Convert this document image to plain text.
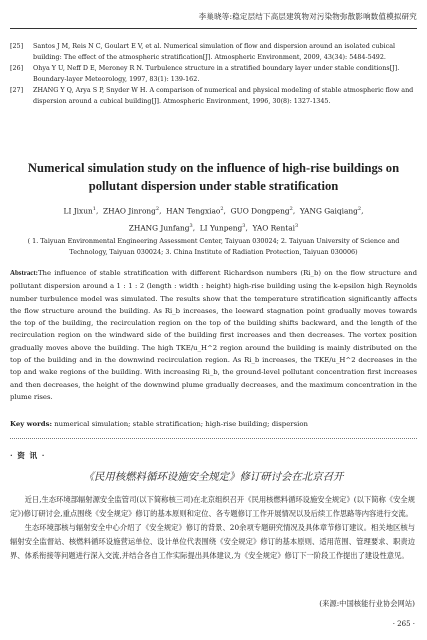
李巢晓等:稳定层结下高层建筑物对污染物弥散影响数值模拟研究
[25] Santos J M, Reis N C, Goulart E V, et al. Numerical simulation of flow and dispersion around an isolated cubical building: The effect of the atmospheric stratification[J]. Atmospheric Environment, 2009, 43(34): 5484-5492.
[26] Ohya Y U, Neff D E, Meroney R N. Turbulence structure in a stratified boundary layer under stable conditions[J]. Boundary-layer Meteorology, 1997, 83(1): 139-162.
[27] ZHANG Y Q, Arya S P, Snyder W H. A comparison of numerical and physical modeling of stable atmospheric flow and dispersion around a cubical building[J]. Atmospheric Environment, 1996, 30(8): 1327-1345.
Numerical simulation study on the influence of high-rise buildings on pollutant dispersion under stable stratification
LI Jixun$^1$,  ZHAO Jinrong$^2$,  HAN Tengxiao$^2$,  GUO Dongpeng$^2$,  YANG Gaiqiang$^2$,
ZHANG Junfang$^3$,  LI Yunpeng$^3$,  YAO Rentai$^3$
( 1. Taiyuan Environmental Engineering Assessment Center, Taiyuan 030024; 2. Taiyuan University of Science and Technology, Taiyuan 030024; 3. China Institute of Radiation Protection, Taiyuan 030006)
Abstract:The influence of stable stratification with different Richardson numbers (Ri_b) on the flow structure and pollutant dispersion around a 1 : 1 : 2 (length : width : height) high-rise building using the k-epsilon high Reynolds number turbulence model was simulated. The results show that the temperature stratification significantly affects the flow structure around the building. As Ri_b increases, the leeward stagnation point gradually moves towards the top of the building, the recirculation region on the top of the building shifts backward, and the length of the recirculation region on the windward side of the building first increases and then decreases. The vortex position gradually moves above the building. The high TKE/u_H^2 region around the building is mainly distributed on the top of the building and in the downwind recirculation region. As Ri_b increases, the TKE/u_H^2 decreases in the top and wake regions of the building. With increasing Ri_b, the ground-level pollutant concentration first increases and then decreases, the height of the downwind plume gradually decreases, and the maximum concentration in the plume rises.
Key words: numerical simulation; stable stratification; high-rise building; dispersion
· 资 讯 ·
《民用核燃料循环设施安全规定》修订研讨会在北京召开

近日,生态环境部辐射源安全监管司(以下简称核三司)在北京组织召开《民用核燃料循环设施安全规定》(以下简称《安全规定》)修订研讨会,重点围绕《安全规定》修订的基本原则和定位、各专题修订工作开展情况以及后续工作思路等内容进行交流。

生态环境部核与辐射安全中心介绍了《安全规定》修订的背景、20余项专题研究情况及具体章节修订建议。相关地区核与辐射安全监督站、核燃料循环设施营运单位、设计单位代表围绕《安全规定》修订的基本原则、适用范围、管理要求、职责边界、体系衔接等问题进行深入交流,并结合各自工作实际提出具体建议,为《安全规定》修订下一阶段工作提出了建设性意见。

(来源:中国核能行业协会网站)
· 265 ·
